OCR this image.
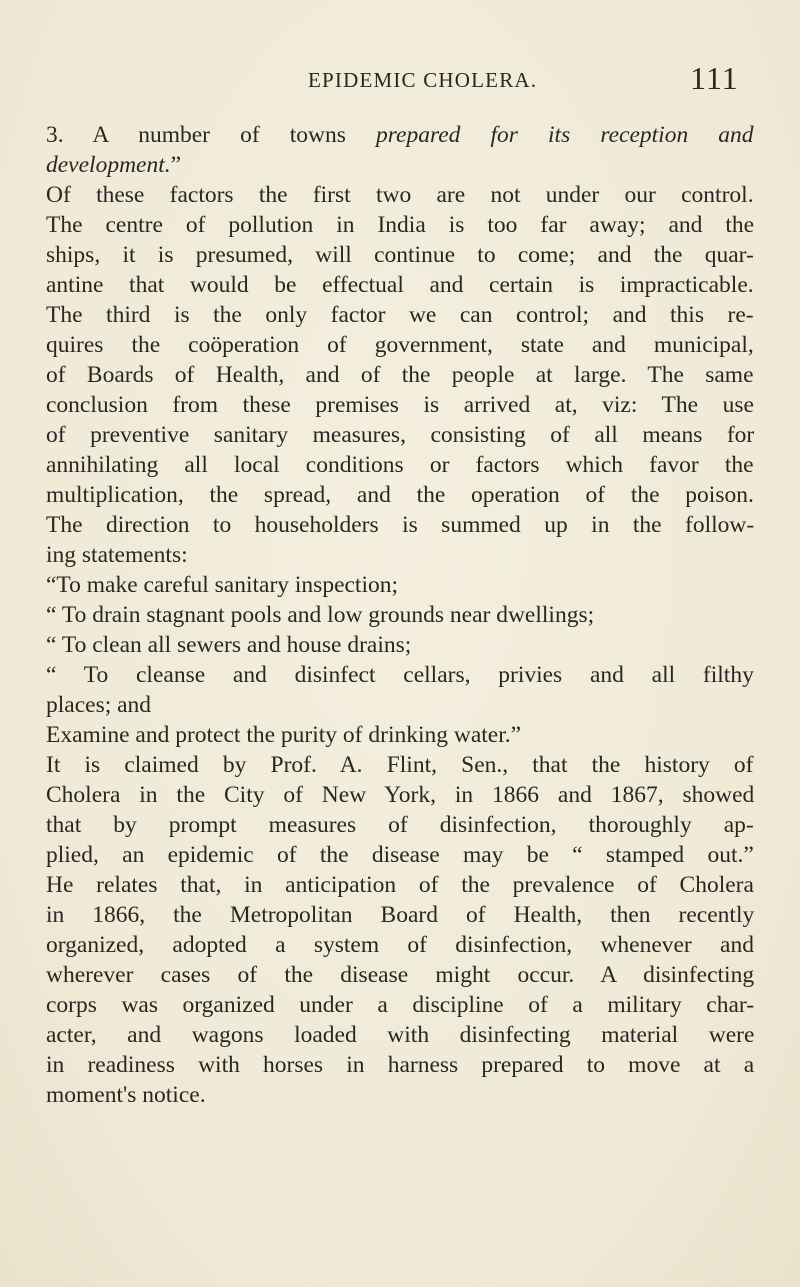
EPIDEMIC CHOLERA.	111
3. A number of towns prepared for its reception and
development.”
Of these factors the first two are not under our control.
The centre of pollution in India is too far away; and the
ships, it is presumed, will continue to come; and the quar-
antine that would be effectual and certain is impracticable.
The third is the only factor we can control; and this re-
quires the coöperation of government, state and municipal,
of Boards of Health, and of the people at large. The same
conclusion from these premises is arrived at, viz: The use
of preventive sanitary measures, consisting of all means for
annihilating all local conditions or factors which favor the
multiplication, the spread, and the operation of the poison.
The direction to householders is summed up in the follow-
ing statements:
“To make careful sanitary inspection;
“ To drain stagnant pools and low grounds near dwellings;
“ To clean all sewers and house drains;
“ To cleanse and disinfect cellars, privies and all filthy
places; and
Examine and protect the purity of drinking water.”
It is claimed by Prof. A. Flint, Sen., that the history of
Cholera in the City of New York, in 1866 and 1867, showed
that by prompt measures of disinfection, thoroughly ap-
plied, an epidemic of the disease may be “ stamped out.”
He relates that, in anticipation of the prevalence of Cholera
in 1866, the Metropolitan Board of Health, then recently
organized, adopted a system of disinfection, whenever and
wherever cases of the disease might occur. A disinfecting
corps was organized under a discipline of a military char-
acter, and wagons loaded with disinfecting material were
in readiness with horses in harness prepared to move at a
moment's notice.
